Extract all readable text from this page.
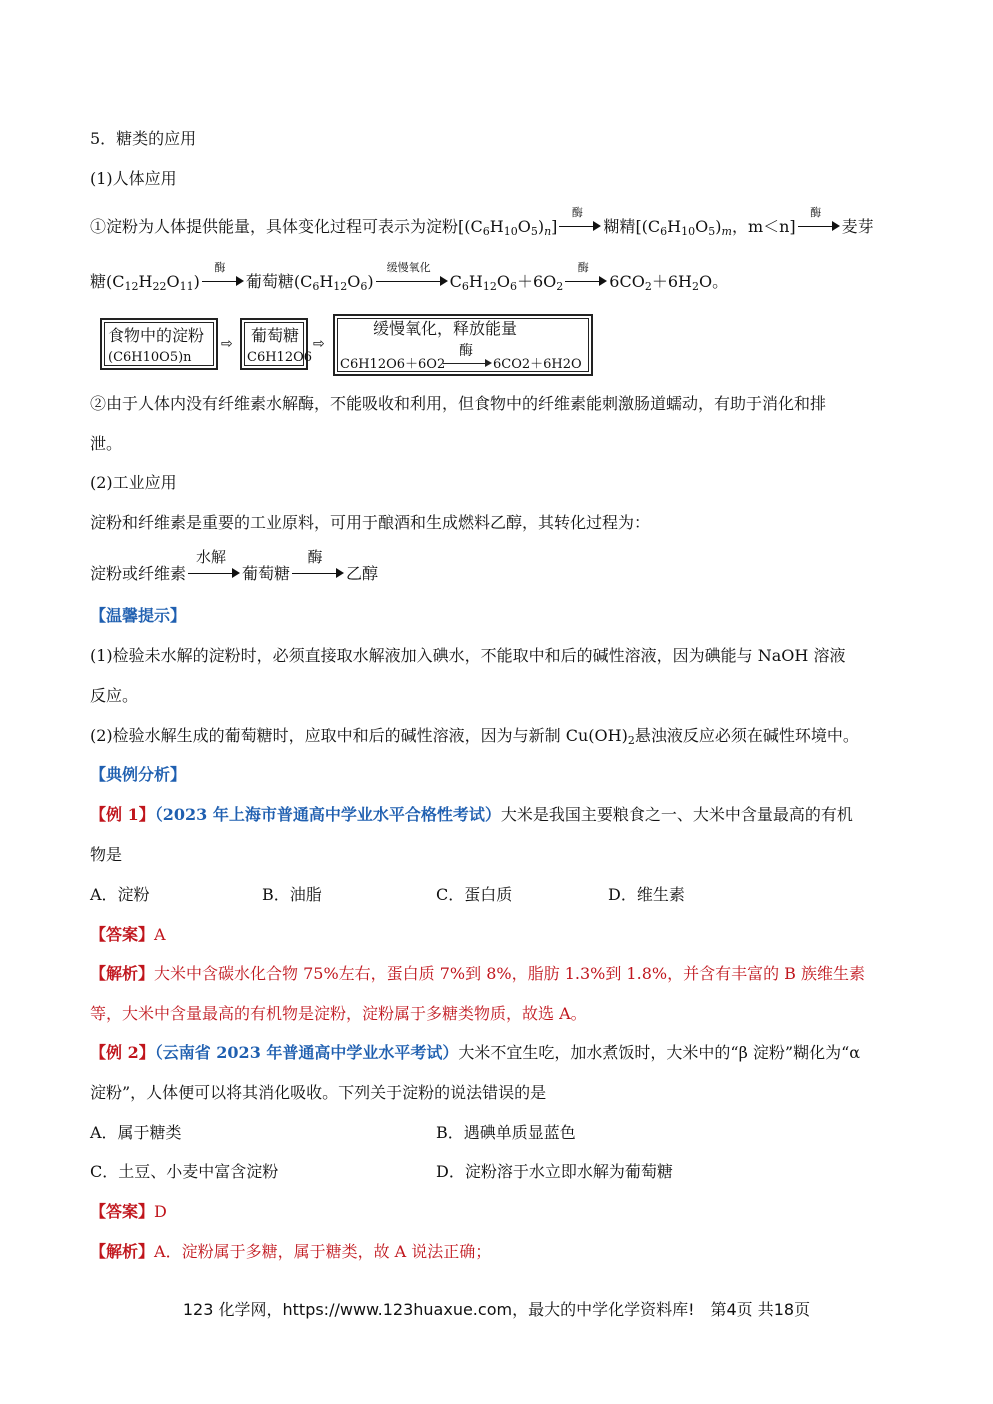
5．糖类的应用
(1)人体应用
①淀粉为人体提供能量，具体变化过程可表示为淀粉$[(C_6H_{10}O_5)_n]$
酶
糊精[$(C_6H_{10}O_5)_m$，m＜n]
酶
麦芽
糖$(C_{12}H_{22}O_{11})$
酶
葡萄糖$(C_6H_{12}O_6)$
缓慢氧化
$C_6H_{12}O_6+6O_2$
酶
$6CO_2+6H_2O$。
食物中的淀粉
(C6H10O5)n
⇨ 葡萄糖
C6H12O6
⇨
缓慢氧化，释放能量
酶
C6H12O6＋6O2	6CO2＋6H2O
②由于人体内没有纤维素水解酶，不能吸收和利用，但食物中的纤维素能刺激肠道蠕动，有助于消化和排
泄。
(2)工业应用
淀粉和纤维素是重要的工业原料，可用于酿酒和生成燃料乙醇，其转化过程为：
淀粉或纤维素
水解
葡萄糖
酶
乙醇
【温馨提示】
(1)检验未水解的淀粉时，必须直接取水解液加入碘水，不能取中和后的碱性溶液，因为碘能与 NaOH 溶液
反应。
(2)检验水解生成的葡萄糖时，应取中和后的碱性溶液，因为与新制 $Cu(OH)_2$悬浊液反应必须在碱性环境中。
【典例分析】
【例 1】（2023 年上海市普通高中学业水平合格性考试）大米是我国主要粮食之一、大米中含量最高的有机
物是
A．淀粉	B．油脂	C．蛋白质	D．维生素
【答案】A
【解析】大米中含碳水化合物 75%左右，蛋白质 7%到 8%，脂肪 1.3%到 1.8%，并含有丰富的 B 族维生素
等，大米中含量最高的有机物是淀粉，淀粉属于多糖类物质，故选 A。
【例 2】（云南省 2023 年普通高中学业水平考试）大米不宜生吃，加水煮饭时，大米中的“β 淀粉”糊化为“α
淀粉”，人体便可以将其消化吸收。下列关于淀粉的说法错误的是
A．属于糖类	B．遇碘单质显蓝色
C．土豆、小麦中富含淀粉	D．淀粉溶于水立即水解为葡萄糖
【答案】D
【解析】A．淀粉属于多糖，属于糖类，故 A 说法正确；
123 化学网，https://www.123huaxue.com，最大的中学化学资料库!　第4页 共18页
